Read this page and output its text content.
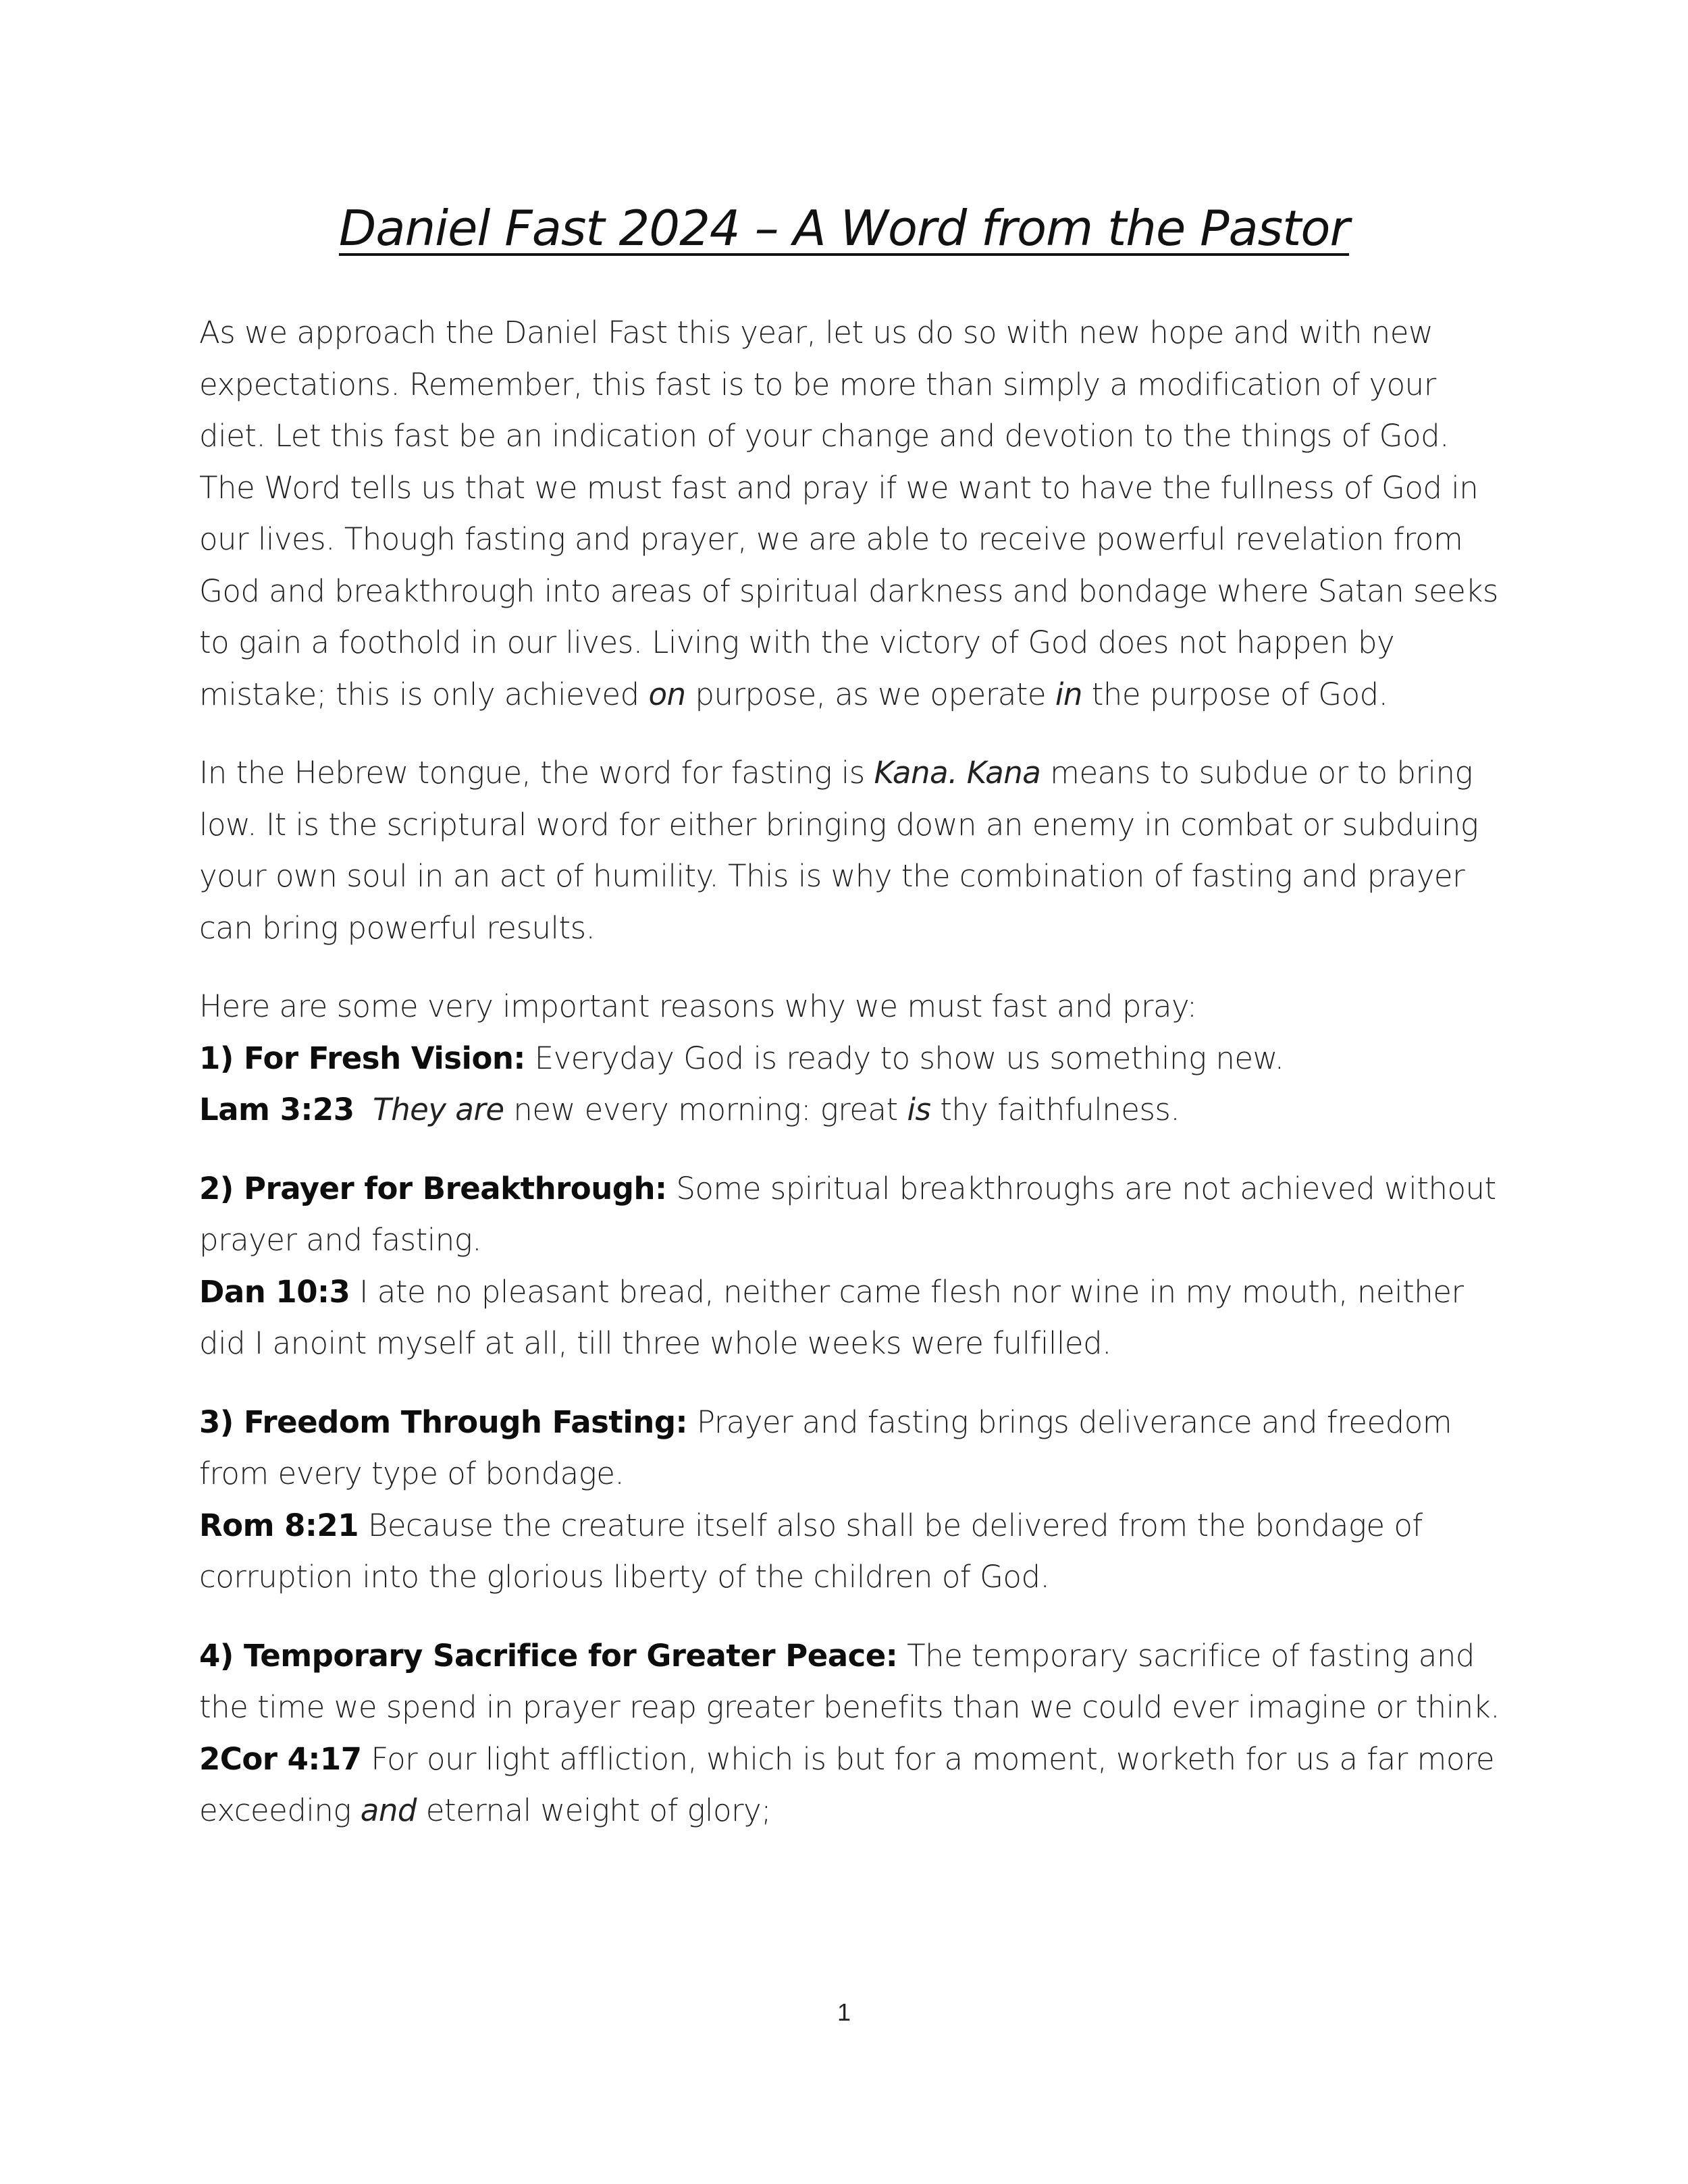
Daniel Fast 2024 – A Word from the Pastor

As we approach the Daniel Fast this year, let us do so with new hope and with new expectations. Remember, this fast is to be more than simply a modification of your diet. Let this fast be an indication of your change and devotion to the things of God. The Word tells us that we must fast and pray if we want to have the fullness of God in our lives. Though fasting and prayer, we are able to receive powerful revelation from God and breakthrough into areas of spiritual darkness and bondage where Satan seeks to gain a foothold in our lives. Living with the victory of God does not happen by mistake; this is only achieved on purpose, as we operate in the purpose of God.

In the Hebrew tongue, the word for fasting is Kana. Kana means to subdue or to bring low. It is the scriptural word for either bringing down an enemy in combat or subduing your own soul in an act of humility. This is why the combination of fasting and prayer can bring powerful results.

Here are some very important reasons why we must fast and pray:

1) For Fresh Vision: Everyday God is ready to show us something new.

Lam 3:23 They are new every morning: great is thy faithfulness.

2) Prayer for Breakthrough: Some spiritual breakthroughs are not achieved without prayer and fasting.

Dan 10:3 I ate no pleasant bread, neither came flesh nor wine in my mouth, neither did I anoint myself at all, till three whole weeks were fulfilled.

3) Freedom Through Fasting: Prayer and fasting brings deliverance and freedom from every type of bondage.

Rom 8:21 Because the creature itself also shall be delivered from the bondage of corruption into the glorious liberty of the children of God.

4) Temporary Sacrifice for Greater Peace: The temporary sacrifice of fasting and the time we spend in prayer reap greater benefits than we could ever imagine or think.

2Cor 4:17 For our light affliction, which is but for a moment, worketh for us a far more exceeding and eternal weight of glory;

1
